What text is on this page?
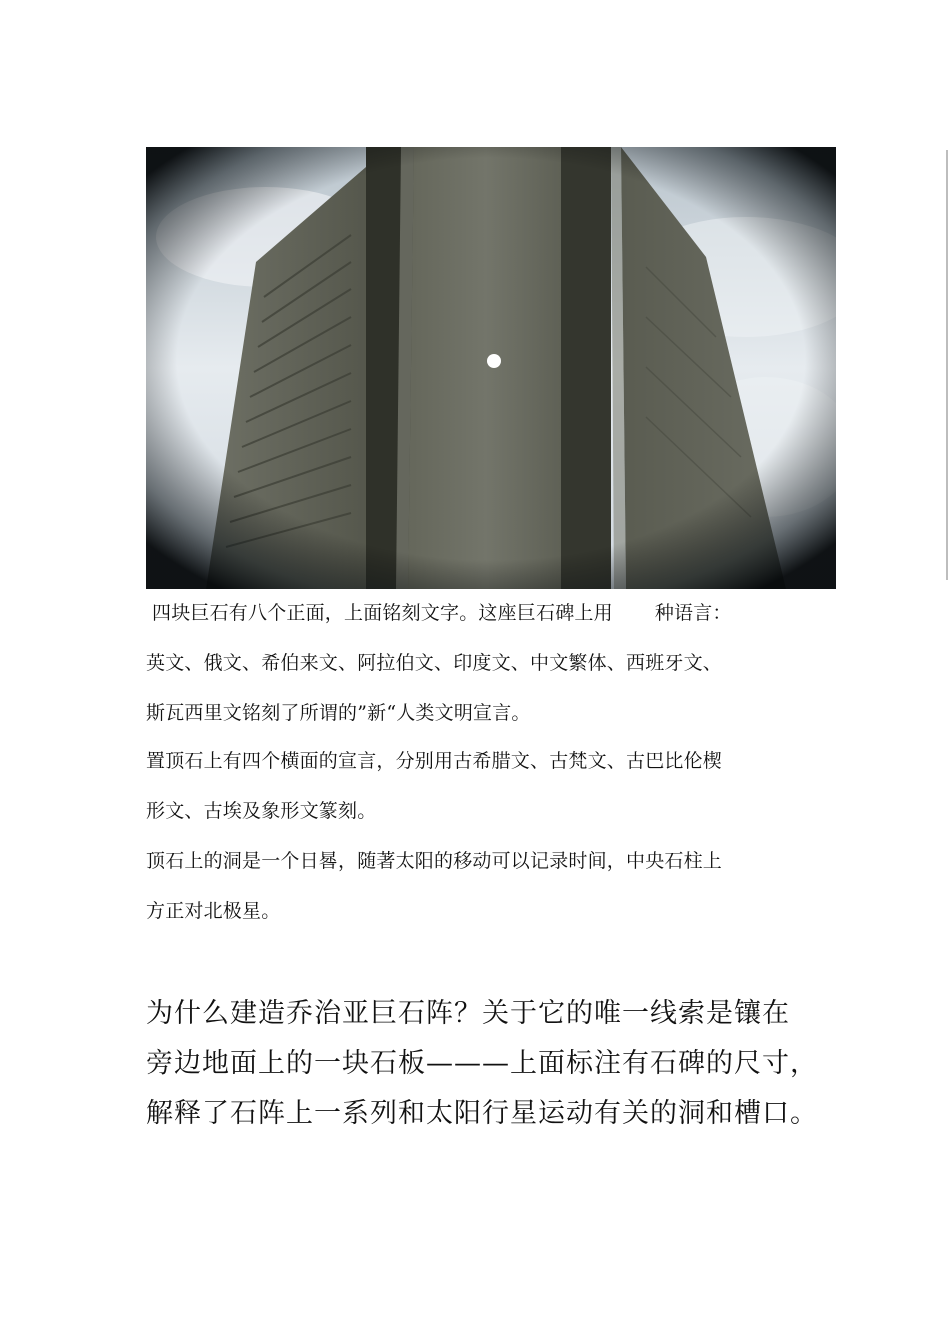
四块巨石有八个正面，上面铭刻文字。这座巨石碑上用 种语言：

英文、俄文、希伯来文、阿拉伯文、印度文、中文繁体、西班牙文、

斯瓦西里文铭刻了所谓的”新“人类文明宣言。

置顶石上有四个横面的宣言，分别用古希腊文、古梵文、古巴比伦楔

形文、古埃及象形文篆刻。

顶石上的洞是一个日晷，随著太阳的移动可以记录时间，中央石柱上

方正对北极星。

为什么建造乔治亚巨石阵？关于它的唯一线索是镶在

旁边地面上的一块石板———上面标注有石碑的尺寸，

解释了石阵上一系列和太阳行星运动有关的洞和槽口。
